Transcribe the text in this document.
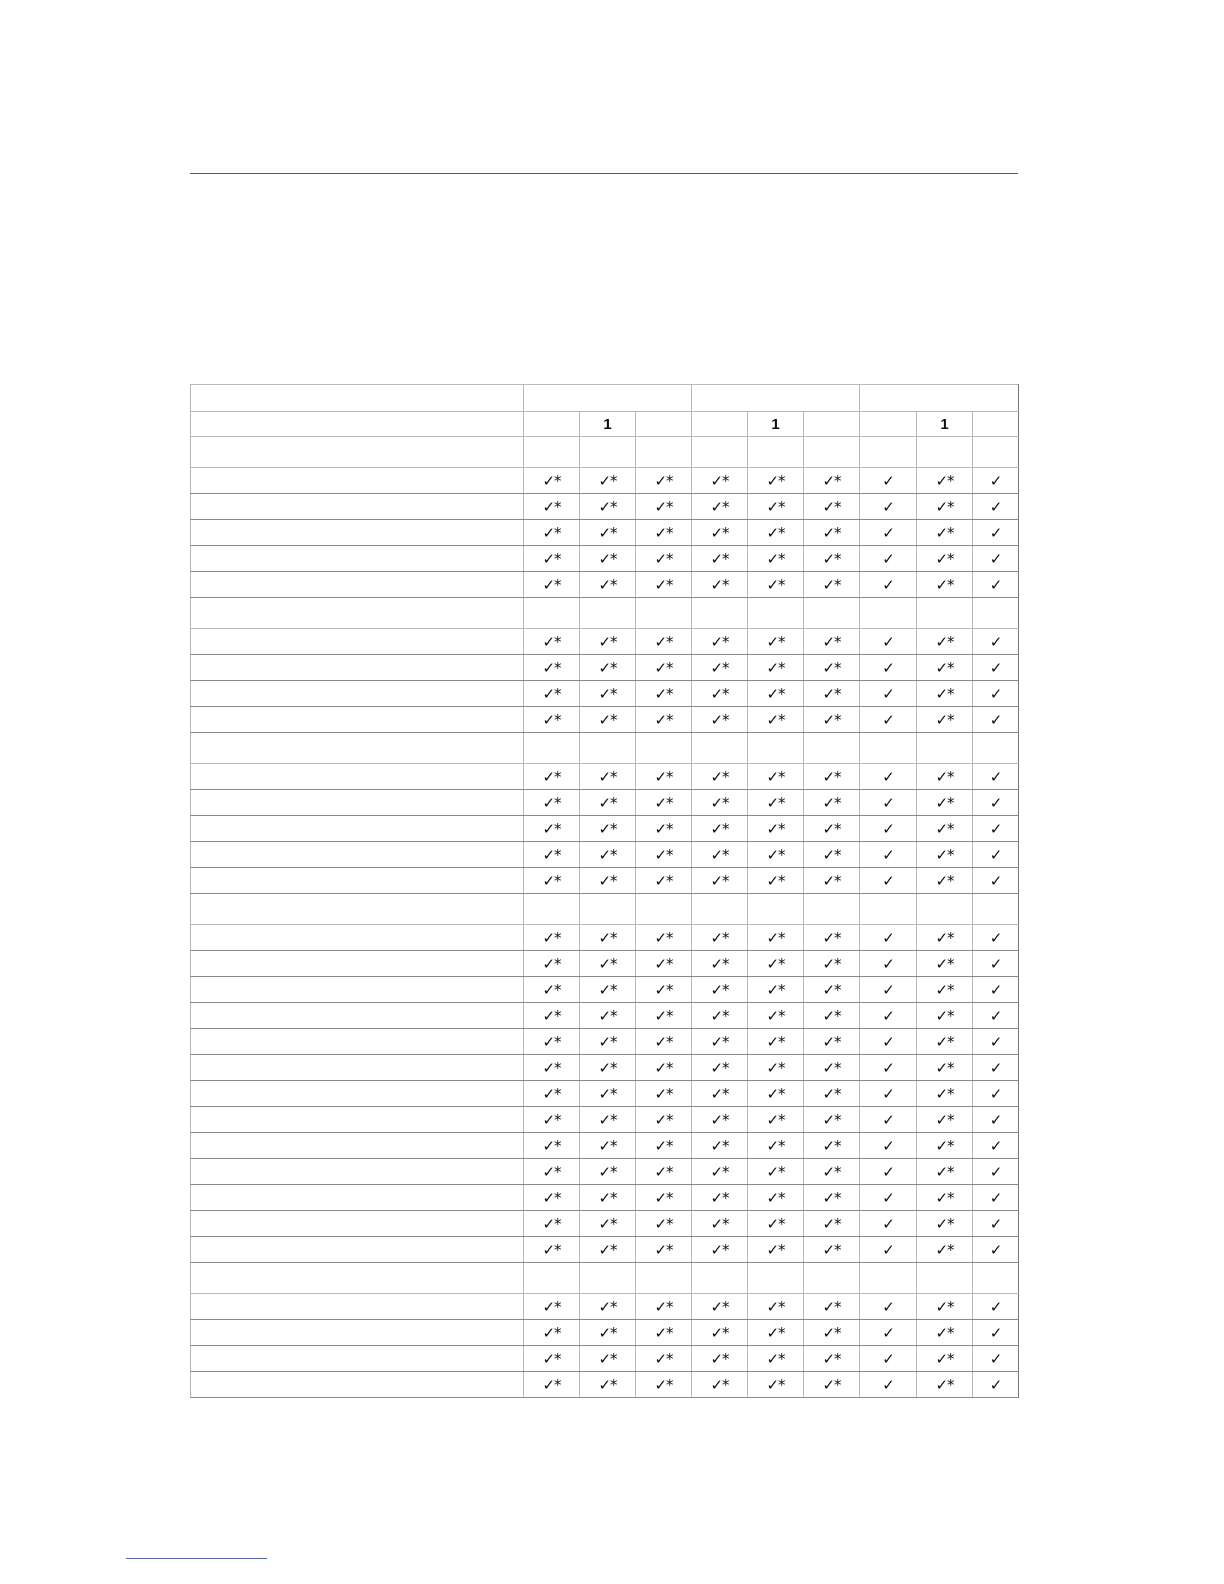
		1			1			1	

	✓*	✓*	✓*	✓*	✓*	✓*	✓	✓*	✓
	✓*	✓*	✓*	✓*	✓*	✓*	✓	✓*	✓
	✓*	✓*	✓*	✓*	✓*	✓*	✓	✓*	✓
	✓*	✓*	✓*	✓*	✓*	✓*	✓	✓*	✓
	✓*	✓*	✓*	✓*	✓*	✓*	✓	✓*	✓

	✓*	✓*	✓*	✓*	✓*	✓*	✓	✓*	✓
	✓*	✓*	✓*	✓*	✓*	✓*	✓	✓*	✓
	✓*	✓*	✓*	✓*	✓*	✓*	✓	✓*	✓
	✓*	✓*	✓*	✓*	✓*	✓*	✓	✓*	✓

	✓*	✓*	✓*	✓*	✓*	✓*	✓	✓*	✓
	✓*	✓*	✓*	✓*	✓*	✓*	✓	✓*	✓
	✓*	✓*	✓*	✓*	✓*	✓*	✓	✓*	✓
	✓*	✓*	✓*	✓*	✓*	✓*	✓	✓*	✓
	✓*	✓*	✓*	✓*	✓*	✓*	✓	✓*	✓

	✓*	✓*	✓*	✓*	✓*	✓*	✓	✓*	✓
	✓*	✓*	✓*	✓*	✓*	✓*	✓	✓*	✓
	✓*	✓*	✓*	✓*	✓*	✓*	✓	✓*	✓
	✓*	✓*	✓*	✓*	✓*	✓*	✓	✓*	✓
	✓*	✓*	✓*	✓*	✓*	✓*	✓	✓*	✓
	✓*	✓*	✓*	✓*	✓*	✓*	✓	✓*	✓
	✓*	✓*	✓*	✓*	✓*	✓*	✓	✓*	✓
	✓*	✓*	✓*	✓*	✓*	✓*	✓	✓*	✓
	✓*	✓*	✓*	✓*	✓*	✓*	✓	✓*	✓
	✓*	✓*	✓*	✓*	✓*	✓*	✓	✓*	✓
	✓*	✓*	✓*	✓*	✓*	✓*	✓	✓*	✓
	✓*	✓*	✓*	✓*	✓*	✓*	✓	✓*	✓
	✓*	✓*	✓*	✓*	✓*	✓*	✓	✓*	✓

	✓*	✓*	✓*	✓*	✓*	✓*	✓	✓*	✓
	✓*	✓*	✓*	✓*	✓*	✓*	✓	✓*	✓
	✓*	✓*	✓*	✓*	✓*	✓*	✓	✓*	✓
	✓*	✓*	✓*	✓*	✓*	✓*	✓	✓*	✓
